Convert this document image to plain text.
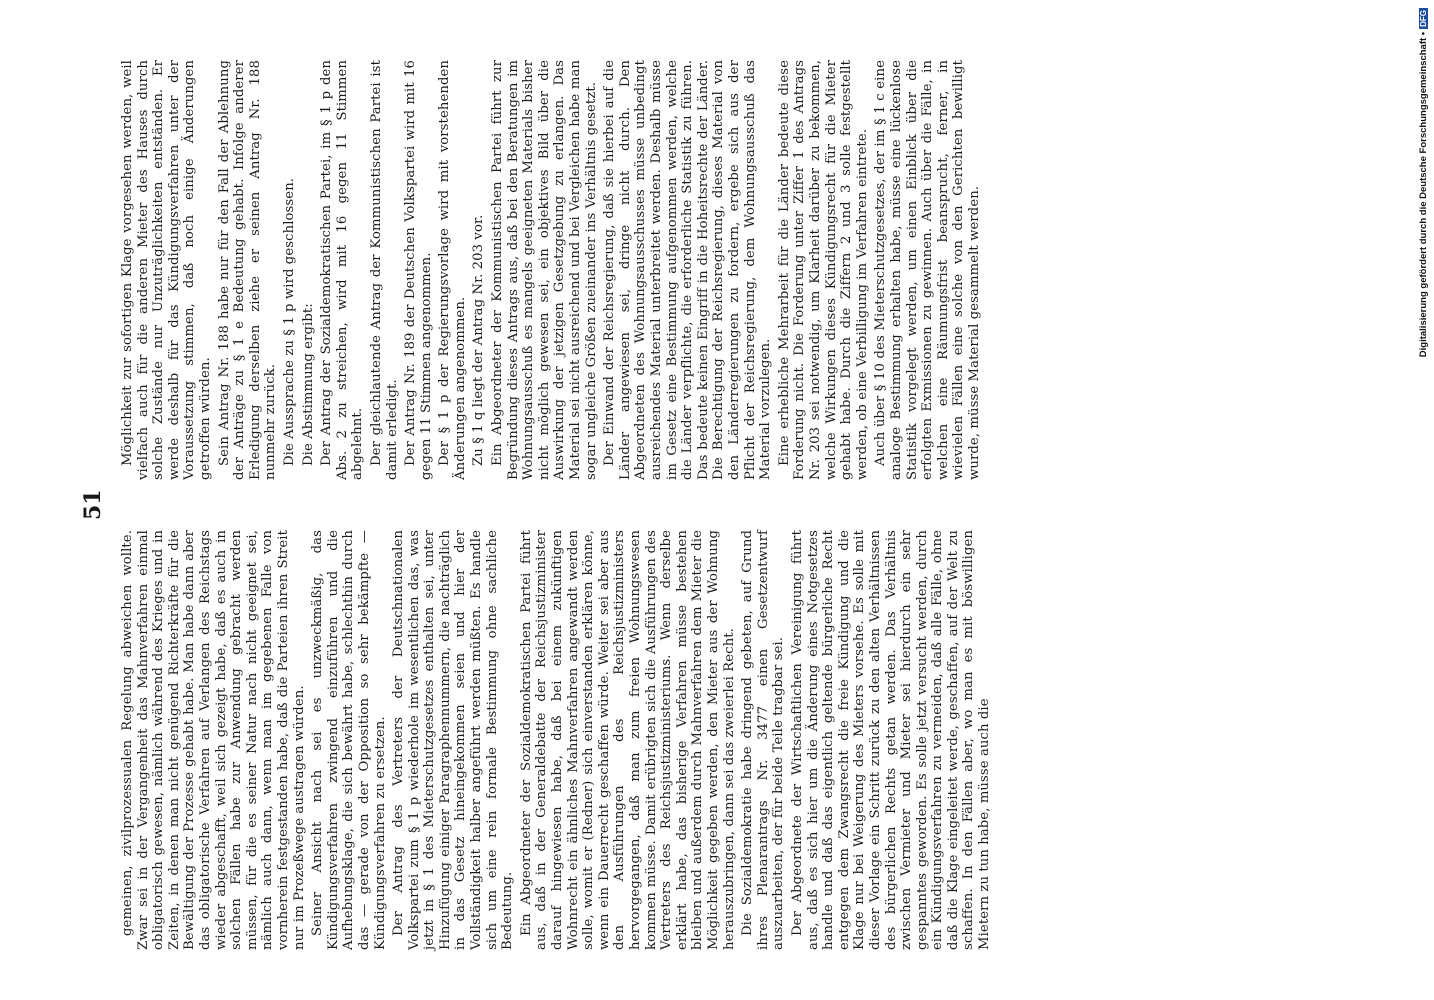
51

gemeinen, zivilprozessualen Regelung abweichen wollte. Zwar sei in der Vergangenheit das Mahnverfahren einmal obligatorisch gewesen, nämlich während des Krieges und in Zeiten, in denen man nicht genügend Richterkräfte für die Bewältigung der Prozesse gehabt habe. Man habe dann aber das obligatorische Verfahren auf Verlangen des Reichstags wieder abgeschafft, weil sich gezeigt habe, daß es auch in solchen Fällen habe zur Anwendung gebracht werden müssen, für die es seiner Natur nach nicht geeignet sei, nämlich auch dann, wenn man im gegebenen Falle von vornherein festgestanden habe, daß die Parteien ihren Streit nur im Prozeßwege austragen würden. Seiner Ansicht nach sei es unzweckmäßig, das Kündigungsverfahren zwingend einzuführen und die Aufhebungsklage, die sich bewährt habe, schlechthin durch das — gerade von der Opposition so sehr bekämpfte — Kündigungsverfahren zu ersetzen. Der Antrag des Vertreters der Deutschnationalen Volkspartei zum § 1 p wiederhole im wesentlichen das, was jetzt in § 1 des Mieterschutzgesetzes enthalten sei, unter Hinzufügung einiger Paragraphennummern, die nachträglich in das Gesetz hineingekommen seien und hier der Vollständigkeit halber angeführt werden müßten. Es handle sich um eine rein formale Bestimmung ohne sachliche Bedeutung. Ein Abgeordneter der Sozialdemokratischen Partei führt aus, daß in der Generaldebatte der Reichsjustizminister darauf hingewiesen habe, daß bei einem zukünftigen Wohnrecht ein ähnliches Mahnverfahren angewandt werden solle, womit er (Redner) sich einverstanden erklären könne, wenn ein Dauerrecht geschaffen würde. Weiter sei aber aus den Ausführungen des Reichsjustizministers hervorgegangen, daß man zum freien Wohnungswesen kommen müsse. Damit erübrigten sich die Ausführungen des Vertreters des Reichsjustizministeriums. Wenn derselbe erklärt habe, das bisherige Verfahren müsse bestehen bleiben und außerdem durch Mahnverfahren dem Mieter die Möglichkeit gegeben werden, den Mieter aus der Wohnung herauszubringen, dann sei das zweierlei Recht. Die Sozialdemokratie habe dringend gebeten, auf Grund ihres Plenarantrags Nr. 3477 einen Gesetzentwurf auszuarbeiten, der für beide Teile tragbar sei. Der Abgeordnete der Wirtschaftlichen Vereinigung führt aus, daß es sich hier um die Änderung eines Notgesetzes handle und daß das eigentlich geltende bürgerliche Recht entgegen dem Zwangsrecht die freie Kündigung und die Klage nur bei Weigerung des Mieters vorsehe. Es solle mit dieser Vorlage ein Schritt zurück zu den alten Verhältnissen des bürgerlichen Rechts getan werden. Das Verhältnis zwischen Vermieter und Mieter sei hierdurch ein sehr gespanntes geworden. Es solle jetzt versucht werden, durch ein Kündigungsverfahren zu vermeiden, daß alle Fälle, ohne daß die Klage eingeleitet werde, geschaffen, auf der Welt zu schaffen. In den Fällen aber, wo man es mit böswilligen Mietern zu tun habe, müsse auch die

Möglichkeit zur sofortigen Klage vorgesehen werden, weil vielfach auch für die anderen Mieter des Hauses durch solche Zustände nur Unzuträglichkeiten entständen. Er werde deshalb für das Kündigungsverfahren unter der Voraussetzung stimmen, daß noch einige Änderungen getroffen würden. Sein Antrag Nr. 188 habe nur für den Fall der Ablehnung der Anträge zu § 1 e Bedeutung gehabt. Infolge anderer Erledigung derselben ziehe er seinen Antrag Nr. 188 nunmehr zurück. Die Aussprache zu § 1 p wird geschlossen. Die Abstimmung ergibt: Der Antrag der Sozialdemokratischen Partei, im § 1 p den Abs. 2 zu streichen, wird mit 16 gegen 11 Stimmen abgelehnt. Der gleichlautende Antrag der Kommunistischen Partei ist damit erledigt. Der Antrag Nr. 189 der Deutschen Volkspartei wird mit 16 gegen 11 Stimmen angenommen. Der § 1 p der Regierungsvorlage wird mit vorstehenden Änderungen angenommen. Zu § 1 q liegt der Antrag Nr. 203 vor. Ein Abgeordneter der Kommunistischen Partei führt zur Begründung dieses Antrags aus, daß bei den Beratungen im Wohnungsausschuß es mangels geeigneten Materials bisher nicht möglich gewesen sei, ein objektives Bild über die Auswirkung der jetzigen Gesetzgebung zu erlangen. Das Material sei nicht ausreichend und bei Vergleichen habe man sogar ungleiche Größen zueinander ins Verhältnis gesetzt. Der Einwand der Reichsregierung, daß sie hierbei auf die Länder angewiesen sei, dringe nicht durch. Den Abgeordneten des Wohnungsausschusses müsse unbedingt ausreichendes Material unterbreitet werden. Deshalb müsse im Gesetz eine Bestimmung aufgenommen werden, welche die Länder verpflichte, die erforderliche Statistik zu führen. Das bedeute keinen Eingriff in die Hoheitsrechte der Länder. Die Berechtigung der Reichsregierung, dieses Material von den Länderregierungen zu fordern, ergebe sich aus der Pflicht der Reichsregierung, dem Wohnungsausschuß das Material vorzulegen. Eine erhebliche Mehrarbeit für die Länder bedeute diese Forderung nicht. Die Forderung unter Ziffer 1 des Antrags Nr. 203 sei notwendig, um Klarheit darüber zu bekommen, welche Wirkungen dieses Kündigungsrecht für die Mieter gehabt habe. Durch die Ziffern 2 und 3 solle festgestellt werden, ob eine Verbilligung im Verfahren eintrete. Auch über § 10 des Mieterschutzgesetzes, der im § 1 c eine analoge Bestimmung erhalten habe, müsse eine lückenlose Statistik vorgelegt werden, um einen Einblick über die erfolgten Exmissionen zu gewinnen. Auch über die Fälle, in welchen eine Räumungsfrist beansprucht, ferner, in wievielen Fällen eine solche von den Gerichten bewilligt wurde, müsse Material gesammelt werden.	Digitalisierung gefördert durch die Deutsche Forschungsgemeinschaft •DFG
